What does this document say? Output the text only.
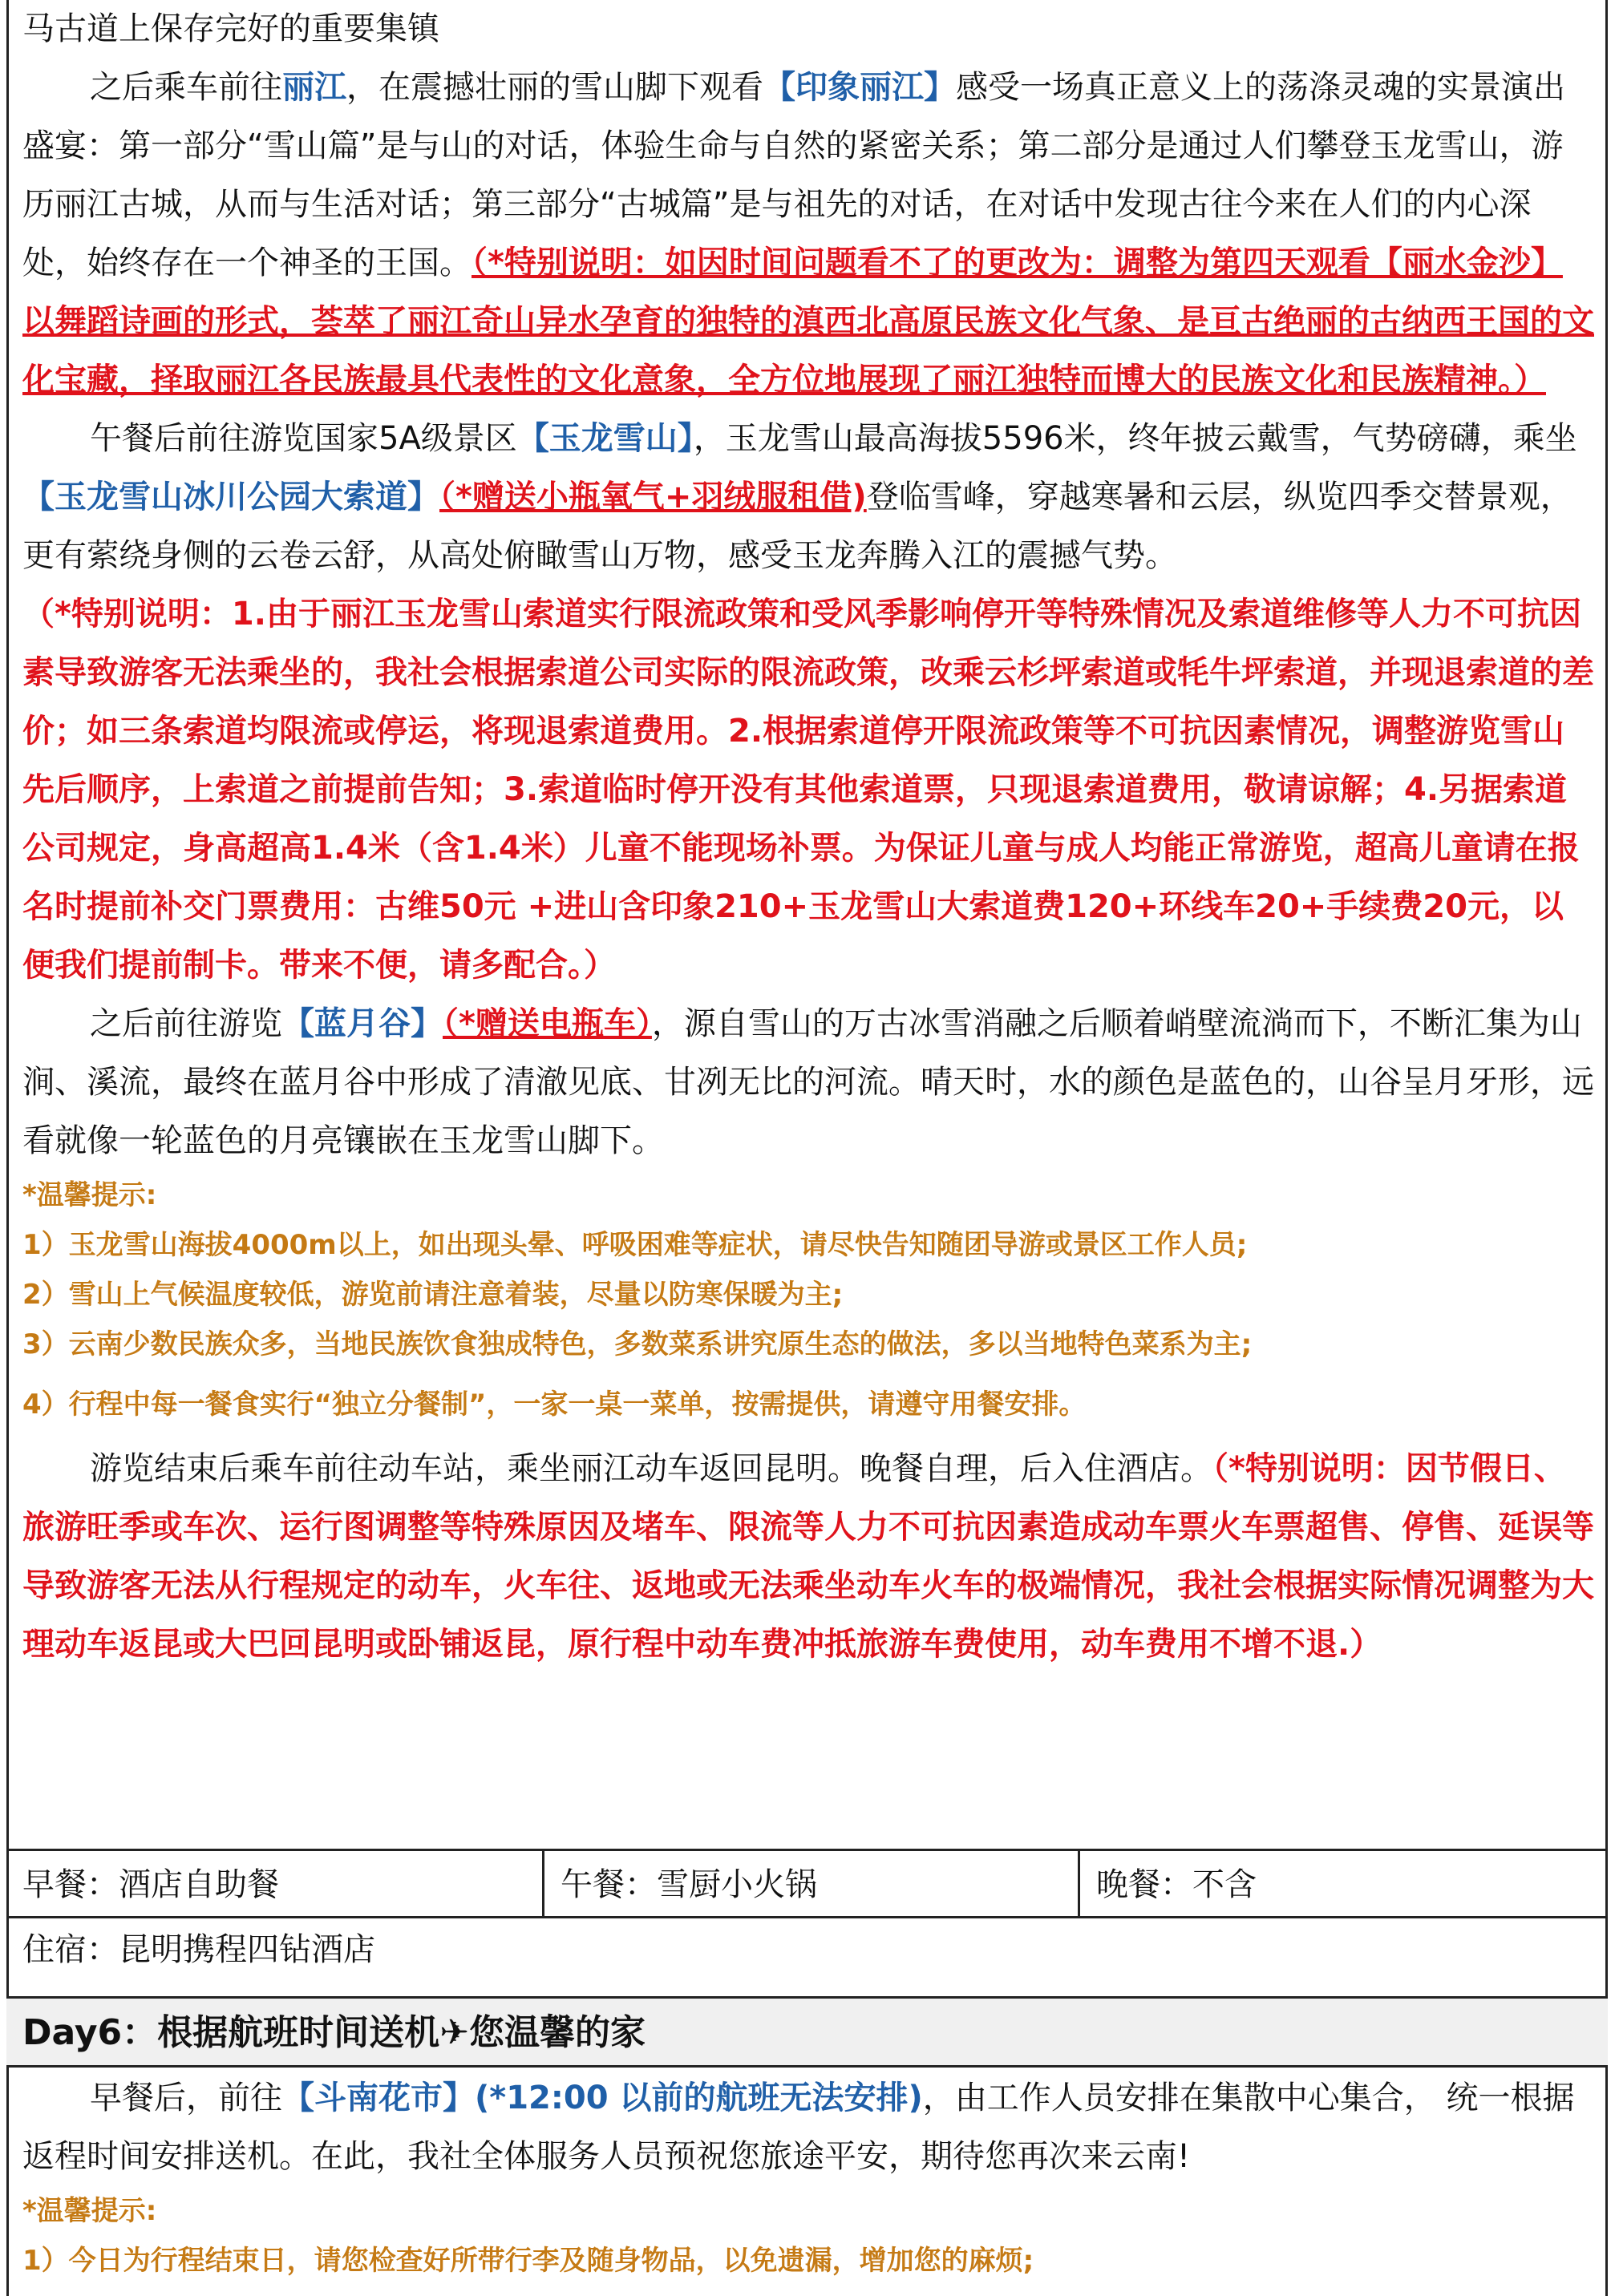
马古道上保存完好的重要集镇

之后乘车前往丽江，在震撼壮丽的雪山脚下观看【印象丽江】感受一场真正意义上的荡涤灵魂的实景演出盛宴：第一部分“雪山篇”是与山的对话，体验生命与自然的紧密关系；第二部分是通过人们攀登玉龙雪山，游历丽江古城，从而与生活对话；第三部分“古城篇”是与祖先的对话，在对话中发现古往今来在人们的内心深处，始终存在一个神圣的王国。（*特别说明：如因时间问题看不了的更改为：调整为第四天观看【丽水金沙】以舞蹈诗画的形式，荟萃了丽江奇山异水孕育的独特的滇西北高原民族文化气象、是亘古绝丽的古纳西王国的文化宝藏，择取丽江各民族最具代表性的文化意象，全方位地展现了丽江独特而博大的民族文化和民族精神。）

午餐后前往游览国家5A级景区【玉龙雪山】，玉龙雪山最高海拔5596米，终年披云戴雪，气势磅礴，乘坐【玉龙雪山冰川公园大索道】（*赠送小瓶氧气+羽绒服租借)登临雪峰，穿越寒暑和云层，纵览四季交替景观，更有萦绕身侧的云卷云舒，从高处俯瞰雪山万物，感受玉龙奔腾入江的震撼气势。

（*特别说明：1.由于丽江玉龙雪山索道实行限流政策和受风季影响停开等特殊情况及索道维修等人力不可抗因素导致游客无法乘坐的，我社会根据索道公司实际的限流政策，改乘云杉坪索道或牦牛坪索道，并现退索道的差价；如三条索道均限流或停运，将现退索道费用。2.根据索道停开限流政策等不可抗因素情况，调整游览雪山先后顺序，上索道之前提前告知；3.索道临时停开没有其他索道票，只现退索道费用，敬请谅解；4.另据索道公司规定，身高超高1.4米（含1.4米）儿童不能现场补票。为保证儿童与成人均能正常游览，超高儿童请在报名时提前补交门票费用：古维50元 +进山含印象210+玉龙雪山大索道费120+环线车20+手续费20元，以便我们提前制卡。带来不便，请多配合。）

之后前往游览【蓝月谷】（*赠送电瓶车），源自雪山的万古冰雪消融之后顺着峭壁流淌而下，不断汇集为山涧、溪流，最终在蓝月谷中形成了清澈见底、甘冽无比的河流。晴天时，水的颜色是蓝色的，山谷呈月牙形，远看就像一轮蓝色的月亮镶嵌在玉龙雪山脚下。

*温馨提示:

1）玉龙雪山海拔4000m以上，如出现头晕、呼吸困难等症状，请尽快告知随团导游或景区工作人员;

2）雪山上气候温度较低，游览前请注意着装，尽量以防寒保暖为主;

3）云南少数民族众多，当地民族饮食独成特色，多数菜系讲究原生态的做法，多以当地特色菜系为主;

4）行程中每一餐食实行“独立分餐制”，一家一桌一菜单，按需提供，请遵守用餐安排。

游览结束后乘车前往动车站，乘坐丽江动车返回昆明。晚餐自理，后入住酒店。（*特别说明：因节假日、旅游旺季或车次、运行图调整等特殊原因及堵车、限流等人力不可抗因素造成动车票火车票超售、停售、延误等导致游客无法从行程规定的动车，火车往、返地或无法乘坐动车火车的极端情况，我社会根据实际情况调整为大理动车返昆或大巴回昆明或卧铺返昆，原行程中动车费冲抵旅游车费使用，动车费用不增不退.）

早餐：酒店自助餐	午餐：雪厨小火锅	晚餐：不含
住宿：昆明携程四钻酒店
Day6：根据航班时间送机✈您温馨的家

早餐后，前往【斗南花市】(*12:00 以前的航班无法安排)，由工作人员安排在集散中心集合， 统一根据返程时间安排送机。在此，我社全体服务人员预祝您旅途平安，期待您再次来云南!

*温馨提示:

1）今日为行程结束日，请您检查好所带行李及随身物品，以免遗漏，增加您的麻烦;
